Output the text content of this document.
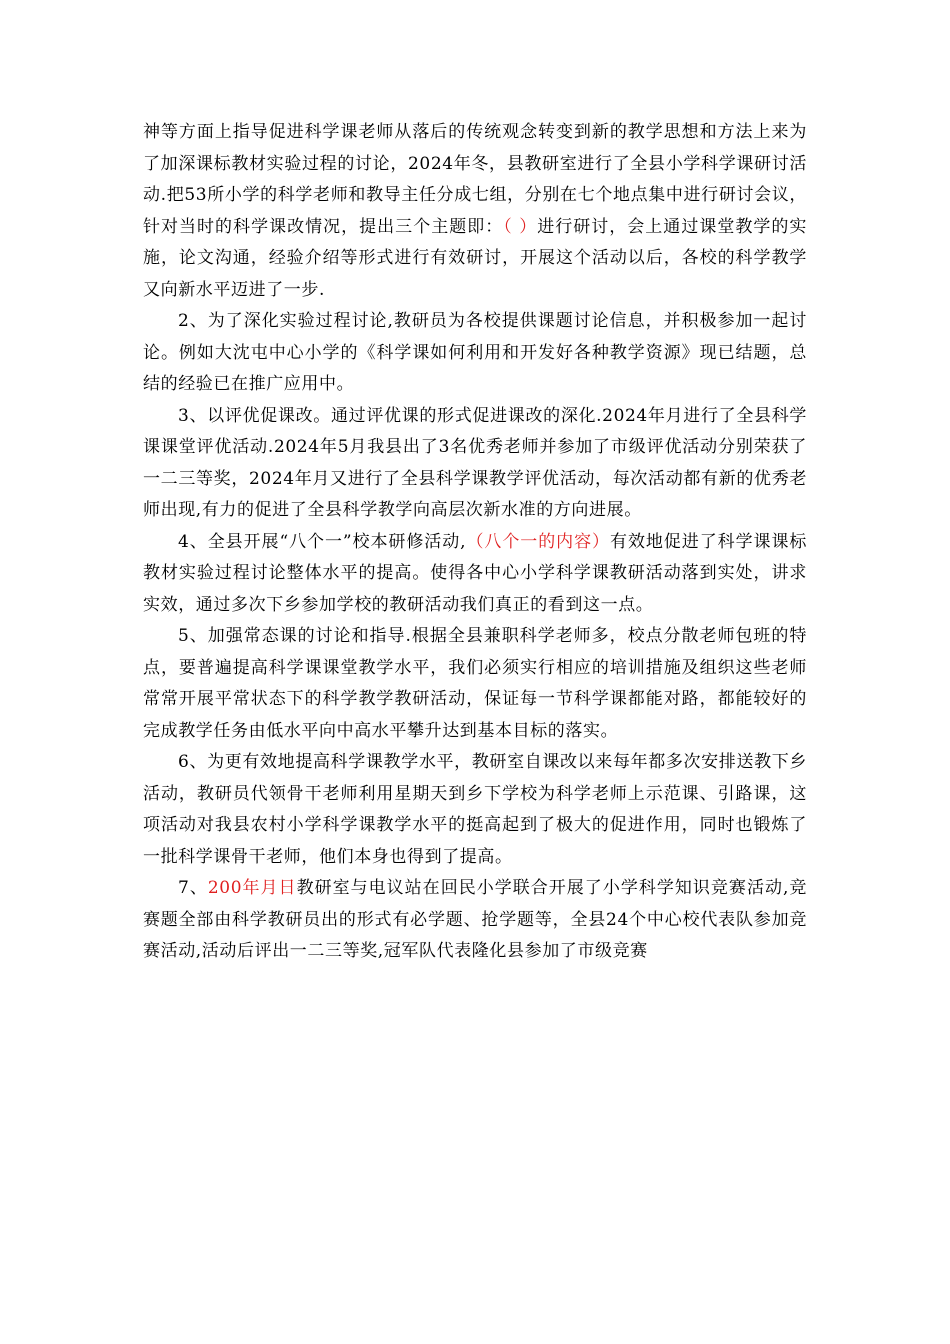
神等方面上指导促进科学课老师从落后的传统观念转变到新的教学思想和方法上来为了加深课标教材实验过程的讨论，2024年冬，县教研室进行了全县小学科学课研讨活动.把53所小学的科学老师和教导主任分成七组，分别在七个地点集中进行研讨会议，针对当时的科学课改情况，提出三个主题即：（ ）进行研讨，会上通过课堂教学的实施，论文沟通，经验介绍等形式进行有效研讨，开展这个活动以后，各校的科学教学又向新水平迈进了一步.

2、为了深化实验过程讨论,教研员为各校提供课题讨论信息，并积极参加一起讨论。例如大沈屯中心小学的《科学课如何利用和开发好各种教学资源》现已结题，总结的经验已在推广应用中。

3、以评优促课改。通过评优课的形式促进课改的深化.2024年月进行了全县科学课课堂评优活动.2024年5月我县出了3名优秀老师并参加了市级评优活动分别荣获了一二三等奖，2024年月又进行了全县科学课教学评优活动，每次活动都有新的优秀老师出现,有力的促进了全县科学教学向高层次新水准的方向进展。

4、全县开展“八个一”校本研修活动,（八个一的内容）有效地促进了科学课课标教材实验过程讨论整体水平的提高。使得各中心小学科学课教研活动落到实处，讲求实效，通过多次下乡参加学校的教研活动我们真正的看到这一点。

5、加强常态课的讨论和指导.根据全县兼职科学老师多，校点分散老师包班的特点，要普遍提高科学课课堂教学水平，我们必须实行相应的培训措施及组织这些老师常常开展平常状态下的科学教学教研活动，保证每一节科学课都能对路，都能较好的完成教学任务由低水平向中高水平攀升达到基本目标的落实。

6、为更有效地提高科学课教学水平，教研室自课改以来每年都多次安排送教下乡活动，教研员代领骨干老师利用星期天到乡下学校为科学老师上示范课、引路课，这项活动对我县农村小学科学课教学水平的挺高起到了极大的促进作用，同时也锻炼了一批科学课骨干老师，他们本身也得到了提高。

7、200年月日教研室与电议站在回民小学联合开展了小学科学知识竞赛活动,竞赛题全部由科学教研员出的形式有必学题、抢学题等，全县24个中心校代表队参加竞赛活动,活动后评出一二三等奖,冠军队代表隆化县参加了市级竞赛
